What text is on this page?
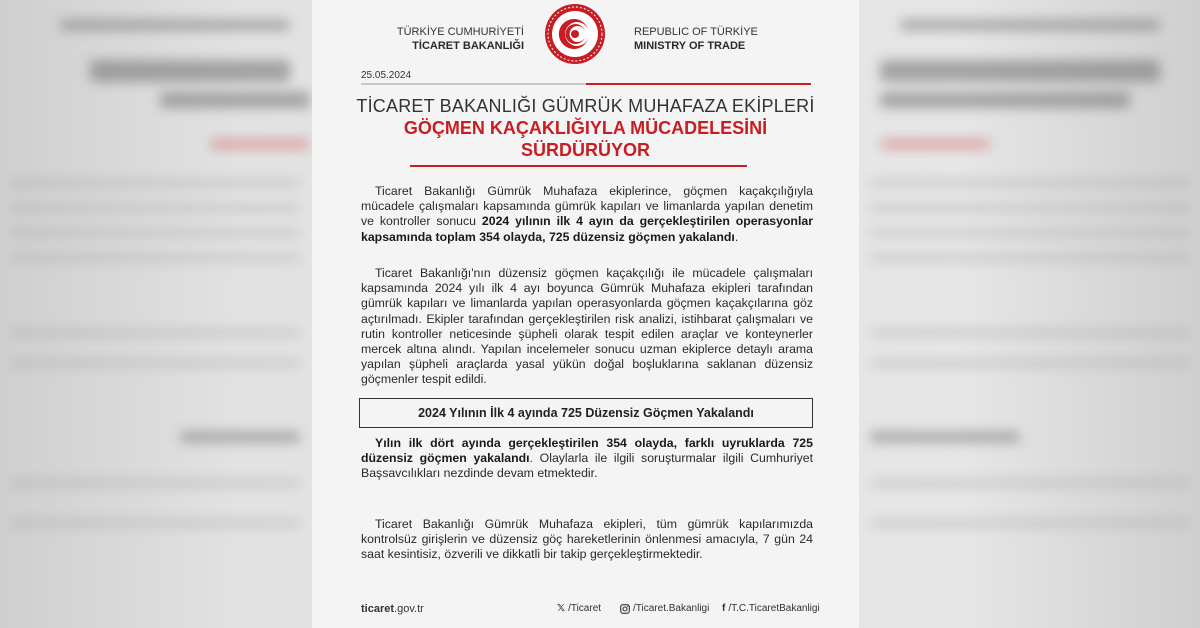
TÜRKİYE CUMHURİYETİ
TİCARET BAKANLIĞI
REPUBLIC OF TÜRKİYE
MINISTRY OF TRADE
25.05.2024
TİCARET BAKANLIĞI GÜMRÜK MUHAFAZA EKİPLERİ
GÖÇMEN KAÇAKLIĞIYLA MÜCADELESİNİ
SÜRDÜRÜYOR

Ticaret Bakanlığı Gümrük Muhafaza ekiplerince, göçmen kaçakçılığıyla mücadele çalışmaları kapsamında gümrük kapıları ve limanlarda yapılan denetim ve kontroller sonucu 2024 yılının ilk 4 ayın da gerçekleştirilen operasyonlar kapsamında toplam 354 olayda, 725 düzensiz göçmen yakalandı.

Ticaret Bakanlığı'nın düzensiz göçmen kaçakçılığı ile mücadele çalışmaları kapsamında 2024 yılı ilk 4 ayı boyunca Gümrük Muhafaza ekipleri tarafından gümrük kapıları ve limanlarda yapılan operasyonlarda göçmen kaçakçılarına göz açtırılmadı. Ekipler tarafından gerçekleştirilen risk analizi, istihbarat çalışmaları ve rutin kontroller neticesinde şüpheli olarak tespit edilen araçlar ve konteynerler mercek altına alındı. Yapılan incelemeler sonucu uzman ekiplerce detaylı arama yapılan şüpheli araçlarda yasal yükün doğal boşluklarına saklanan düzensiz göçmenler tespit edildi.

2024 Yılının İlk 4 ayında 725 Düzensiz Göçmen Yakalandı

Yılın ilk dört ayında gerçekleştirilen 354 olayda, farklı uyruklarda 725 düzensiz göçmen yakalandı. Olaylarla ile ilgili soruşturmalar ilgili Cumhuriyet Başsavcılıkları nezdinde devam etmektedir.

Ticaret Bakanlığı Gümrük Muhafaza ekipleri, tüm gümrük kapılarımızda kontrolsüz girişlerin ve düzensiz göç hareketlerinin önlenmesi amacıyla, 7 gün 24 saat kesintisiz, özverili ve dikkatli bir takip gerçekleştirmektedir.

ticaret.gov.tr	𝕏 /Ticaret	/Ticaret.Bakanligi f /T.C.TicaretBakanligi
